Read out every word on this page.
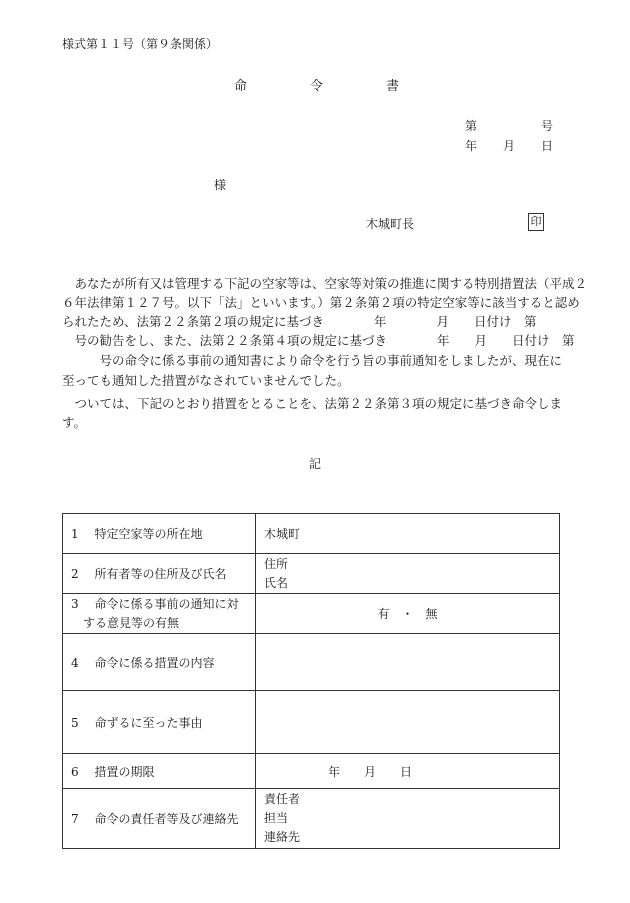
様式第１１号（第９条関係）
命	令	書
第	号
年 月 日
様
木城町長	印
　あなたが所有又は管理する下記の空家等は、空家等対策の推進に関する特別措置法（平成２
６年法律第１２７号。以下「法」といいます。）第２条第２項の特定空家等に該当すると認め
られたため、法第２２条第２項の規定に基づき　　　　年　　　　月　　日付け　第
　号の勧告をし、また、法第２２条第４項の規定に基づき　　　　年　　月　　日付け　第
　　　号の命令に係る事前の通知書により命令を行う旨の事前通知をしましたが、現在に
至っても通知した措置がなされていませんでした。
　ついては、下記のとおり措置をとることを、法第２２条第３項の規定に基づき命令しま
す。
記
1　 特定空家等の所在地	木城町
2　 所有者等の住所及び氏名	住所
氏名

3　 命令に係る事前の通知に対
　する意見等の有無	有　・　無
4　 命令に係る措置の内容	
5　 命ずるに至った事由	
6　 措置の期限	年　　月　　日
7　 命令の責任者等及び連絡先	責任者
担当
連絡先
